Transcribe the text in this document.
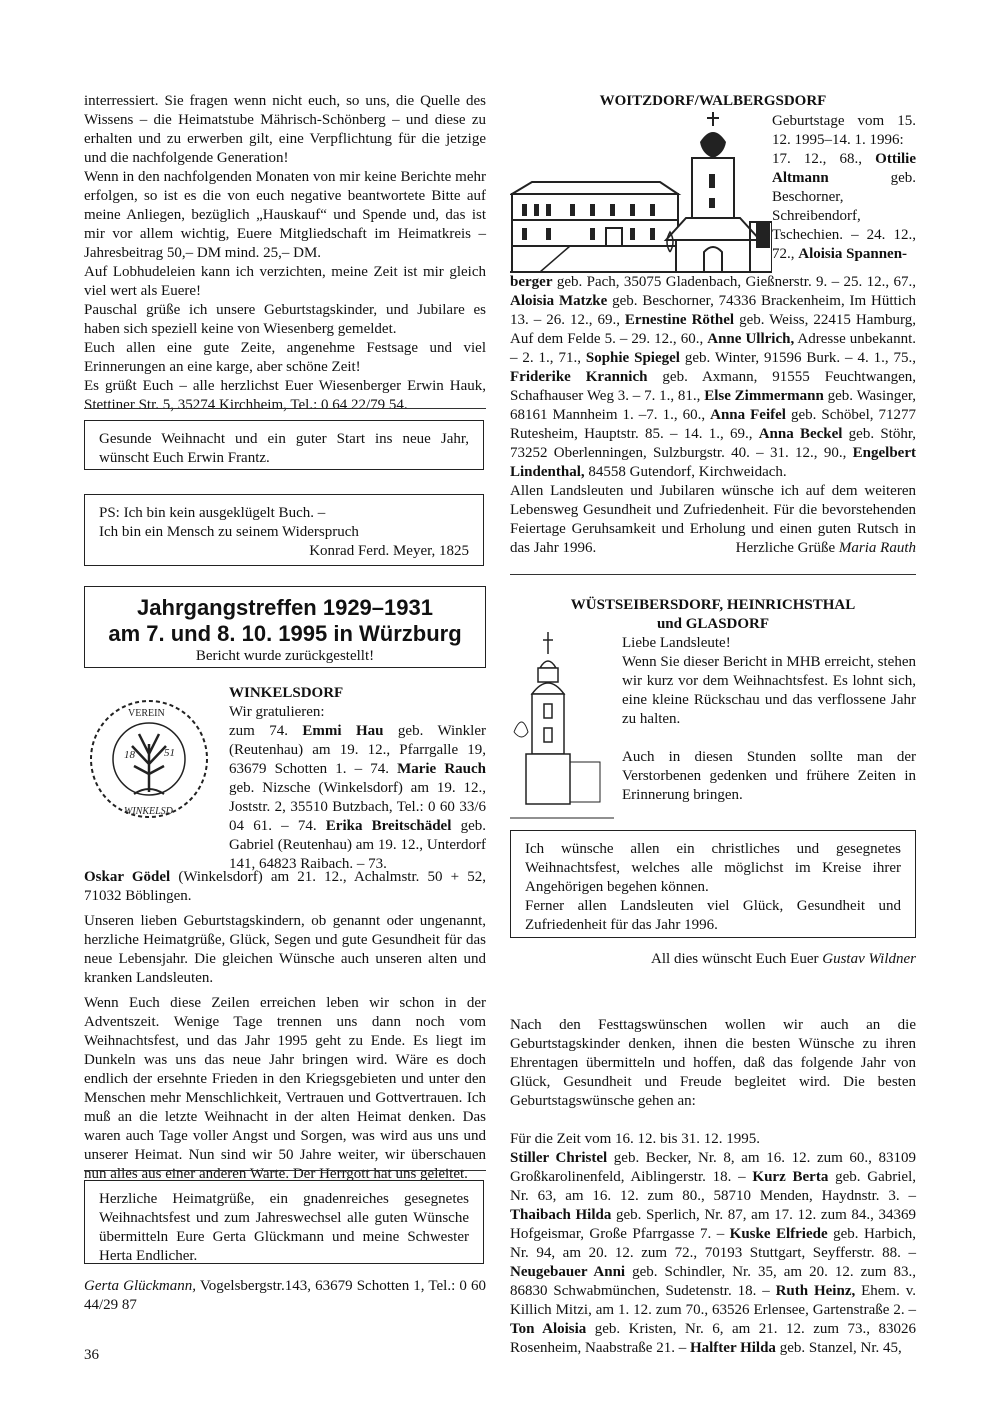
interressiert. Sie fragen wenn nicht euch, so uns, die Quelle des Wissens – die Heimatstube Mährisch-Schönberg – und diese zu erhalten und zu erwerben gilt, eine Verpflichtung für die jetzige und die nachfolgende Generation!

Wenn in den nachfolgenden Monaten von mir keine Berichte mehr erfolgen, so ist es die von euch negative beantwortete Bitte auf meine Anliegen, bezüglich „Hauskauf“ und Spende und, das ist mir vor allem wichtig, Euere Mitgliedschaft im Heimatkreis – Jahresbeitrag 50,– DM mind. 25,– DM.

Auf Lobhudeleien kann ich verzichten, meine Zeit ist mir gleich viel wert als Euere!

Pauschal grüße ich unsere Geburtstagskinder, und Jubilare es haben sich speziell keine von Wiesenberg gemeldet.

Euch allen eine gute Zeite, angenehme Festsage und viel Erinnerungen an eine karge, aber schöne Zeit!

Es grüßt Euch – alle herzlichst Euer Wiesenberger Erwin Hauk, Stettiner Str. 5, 35274 Kirchheim, Tel.: 0 64 22/79 54.

Gesunde Weihnacht und ein guter Start ins neue Jahr, wünscht Euch Erwin Frantz.

PS: Ich bin kein ausgeklügelt Buch. –
Ich bin ein Mensch zu seinem Widerspruch
Konrad Ferd. Meyer, 1825
Jahrgangstreffen 1929–1931
am 7. und 8. 10. 1995 in Würzburg
Bericht wurde zurückgestellt!
18	51
VEREIN
WINKELSD
WINKELSDORF
Wir gratulieren:

zum 74. Emmi Hau geb. Winkler (Reutenhau) am 19. 12., Pfarrgalle 19, 63679 Schotten 1. – 74. Marie Rauch geb. Nizsche (Winkelsdorf) am 19. 12., Joststr. 2, 35510 Butzbach, Tel.: 0 60 33/6 04 61. – 74. Erika Breitschädel geb. Gabriel (Reutenhau) am 19. 12., Unterdorf 141, 64823 Raibach. – 73.

Oskar Gödel (Winkelsdorf) am 21. 12., Achalmstr. 50 + 52, 71032 Böblingen.

Unseren lieben Geburtstagskindern, ob genannt oder ungenannt, herzliche Heimatgrüße, Glück, Segen und gute Gesundheit für das neue Lebensjahr. Die gleichen Wünsche auch unseren alten und kranken Landsleuten.

Wenn Euch diese Zeilen erreichen leben wir schon in der Adventszeit. Wenige Tage trennen uns dann noch vom Weihnachtsfest, und das Jahr 1995 geht zu Ende. Es liegt im Dunkeln was uns das neue Jahr bringen wird. Wäre es doch endlich der ersehnte Frieden in den Kriegsgebieten und unter den Menschen mehr Menschlichkeit, Vertrauen und Gottvertrauen. Ich muß an die letzte Weihnacht in der alten Heimat denken. Das waren auch Tage voller Angst und Sorgen, was wird aus uns und unserer Heimat. Nun sind wir 50 Jahre weiter, wir überschauen nun alles aus einer anderen Warte. Der Herrgott hat uns geleitet.

Herzliche Heimatgrüße, ein gnadenreiches gesegnetes Weihnachtsfest und zum Jahreswechsel alle guten Wünsche übermitteln Eure Gerta Glückmann und meine Schwester Herta Endlicher.

Gerta Glückmann, Vogelsbergstr.143, 63679 Schotten 1, Tel.: 0 60 44/29 87

36
WOITZDORF/WALBERGSDORF

Geburtstage vom 15. 12. 1995–14. 1. 1996:
17. 12., 68., Ottilie Altmann geb. Beschorner, Schreibendorf, Tschechien. – 24. 12., 72., Aloisia Spannen-

berger geb. Pach, 35075 Gladenbach, Gießnerstr. 9. – 25. 12., 67., Aloisia Matzke geb. Beschorner, 74336 Brackenheim, Im Hüttich 13. – 26. 12., 69., Ernestine Röthel geb. Weiss, 22415 Hamburg, Auf dem Felde 5. – 29. 12., 60., Anne Ullrich, Adresse unbekannt. – 2. 1., 71., Sophie Spiegel geb. Winter, 91596 Burk. – 4. 1., 75., Friderike Krannich geb. Axmann, 91555 Feuchtwangen, Schafhauser Weg 3. – 7. 1., 81., Else Zimmermann geb. Wasinger, 68161 Mannheim 1. –7. 1., 60., Anna Feifel geb. Schöbel, 71277 Rutesheim, Hauptstr. 85. – 14. 1., 69., Anna Beckel geb. Stöhr, 73252 Oberlenningen, Sulzburgstr. 40. – 31. 12., 90., Engelbert Lindenthal, 84558 Gutendorf, Kirchweidach.

Allen Landsleuten und Jubilaren wünsche ich auf dem weiteren Lebensweg Gesundheit und Zufriedenheit. Für die bevorstehenden Feiertage Geruhsamkeit und Erholung und einen guten Rutsch in das Jahr 1996.	Herzliche Grüße Maria Rauth

WÜSTSEIBERSDORF, HEINRICHSTHAL
und GLASDORF
Liebe Landsleute!

Wenn Sie dieser Bericht in MHB erreicht, stehen wir kurz vor dem Weihnachtsfest. Es lohnt sich, eine kleine Rückschau und das verflossene Jahr zu halten.

Auch in diesen Stunden sollte man der Verstorbenen gedenken und frühere Zeiten in Erinnerung bringen.

Ich wünsche allen ein christliches und gesegnetes Weihnachtsfest, welches alle möglichst im Kreise ihrer Angehörigen begehen können.

Ferner allen Landsleuten viel Glück, Gesundheit und Zufriedenheit für das Jahr 1996.

All dies wünscht Euch Euer Gustav Wildner

Nach den Festtagswünschen wollen wir auch an die Geburtstagskinder denken, ihnen die besten Wünsche zu ihren Ehrentagen übermitteln und hoffen, daß das folgende Jahr von Glück, Gesundheit und Freude begleitet wird. Die besten Geburtstagswünsche gehen an:

Für die Zeit vom 16. 12. bis 31. 12. 1995.

Stiller Christel geb. Becker, Nr. 8, am 16. 12. zum 60., 83109 Großkarolinenfeld, Aiblingerstr. 18. – Kurz Berta geb. Gabriel, Nr. 63, am 16. 12. zum 80., 58710 Menden, Haydnstr. 3. – Thaibach Hilda geb. Sperlich, Nr. 87, am 17. 12. zum 84., 34369 Hofgeismar, Große Pfarrgasse 7. – Kuske Elfriede geb. Harbich, Nr. 94, am 20. 12. zum 72., 70193 Stuttgart, Seyfferstr. 88. – Neugebauer Anni geb. Schindler, Nr. 35, am 20. 12. zum 83., 86830 Schwabmünchen, Sudetenstr. 18. – Ruth Heinz, Ehem. v. Killich Mitzi, am 1. 12. zum 70., 63526 Erlensee, Gartenstraße 2. – Ton Aloisia geb. Kristen, Nr. 6, am 21. 12. zum 73., 83026 Rosenheim, Naabstraße 21. – Halfter Hilda geb. Stanzel, Nr. 45,
